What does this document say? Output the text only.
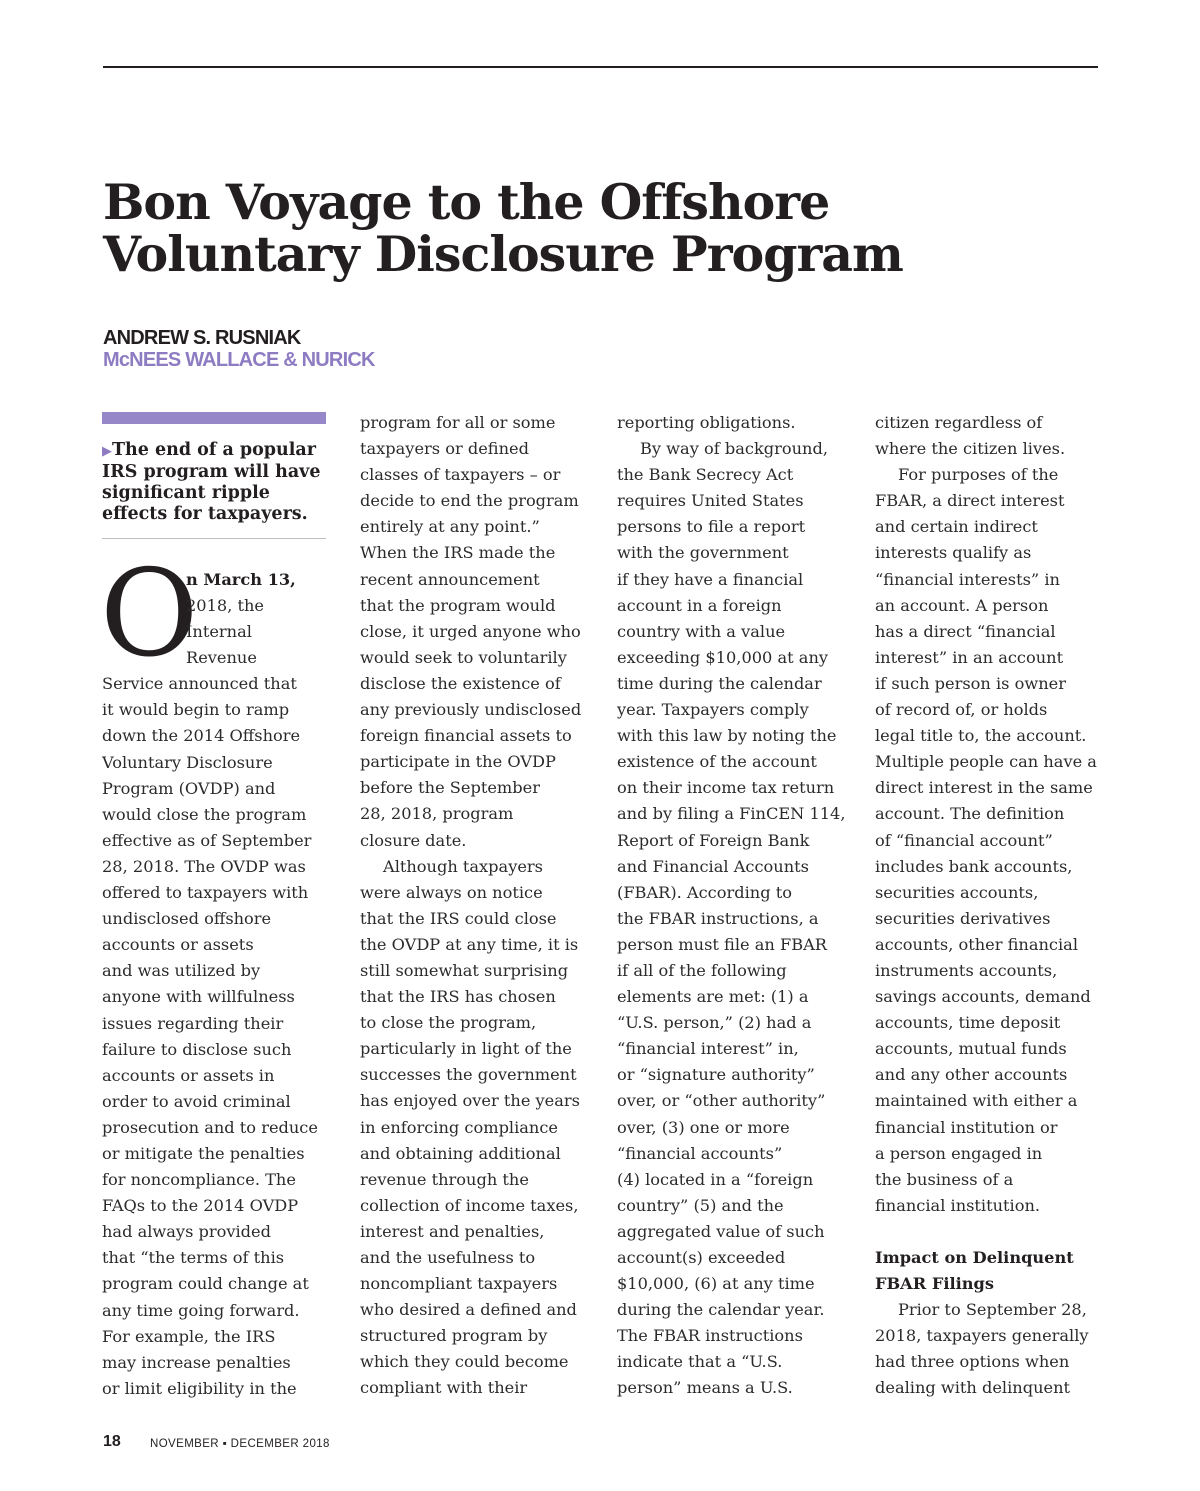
Bon Voyage to the Offshore
Voluntary Disclosure Program
ANDREW S. RUSNIAK
McNEES WALLACE & NURICK

▶The end of a popular IRS program will have significant ripple effects for taxpayers.

O
n March 13,

2018, the
Internal
Revenue
Service announced that
it would begin to ramp
down the 2014 Offshore
Voluntary Disclosure
Program (OVDP) and
would close the program
effective as of September
28, 2018. The OVDP was
offered to taxpayers with
undisclosed offshore
accounts or assets
and was utilized by
anyone with willfulness
issues regarding their
failure to disclose such
accounts or assets in
order to avoid criminal
prosecution and to reduce
or mitigate the penalties
for noncompliance. The
FAQs to the 2014 OVDP
had always provided
that “the terms of this
program could change at
any time going forward.
For example, the IRS
may increase penalties
or limit eligibility in the

program for all or some
taxpayers or defined
classes of taxpayers – or
decide to end the program
entirely at any point.”
When the IRS made the
recent announcement
that the program would
close, it urged anyone who
would seek to voluntarily
disclose the existence of
any previously undisclosed
foreign financial assets to
participate in the OVDP
before the September
28, 2018, program
closure date.

Although taxpayers
were always on notice
that the IRS could close
the OVDP at any time, it is
still somewhat surprising
that the IRS has chosen
to close the program,
particularly in light of the
successes the government
has enjoyed over the years
in enforcing compliance
and obtaining additional
revenue through the
collection of income taxes,
interest and penalties,
and the usefulness to
noncompliant taxpayers
who desired a defined and
structured program by
which they could become
compliant with their

reporting obligations.

By way of background,
the Bank Secrecy Act
requires United States
persons to file a report
with the government
if they have a financial
account in a foreign
country with a value
exceeding $10,000 at any
time during the calendar
year. Taxpayers comply
with this law by noting the
existence of the account
on their income tax return
and by filing a FinCEN 114,
Report of Foreign Bank
and Financial Accounts
(FBAR). According to
the FBAR instructions, a
person must file an FBAR
if all of the following
elements are met: (1) a
“U.S. person,” (2) had a
“financial interest” in,
or “signature authority”
over, or “other authority”
over, (3) one or more
“financial accounts”
(4) located in a “foreign
country” (5) and the
aggregated value of such
account(s) exceeded
$10,000, (6) at any time
during the calendar year.
The FBAR instructions
indicate that a “U.S.
person” means a U.S.

citizen regardless of
where the citizen lives.

For purposes of the
FBAR, a direct interest
and certain indirect
interests qualify as
“financial interests” in
an account. A person
has a direct “financial
interest” in an account
if such person is owner
of record of, or holds
legal title to, the account.
Multiple people can have a
direct interest in the same
account. The definition
of “financial account”
includes bank accounts,
securities accounts,
securities derivatives
accounts, other financial
instruments accounts,
savings accounts, demand
accounts, time deposit
accounts, mutual funds
and any other accounts
maintained with either a
financial institution or
a person engaged in
the business of a
financial institution.

Impact on Delinquent
FBAR Filings

Prior to September 28,
2018, taxpayers generally
had three options when
dealing with delinquent

18	NOVEMBER ▪ DECEMBER 2018
